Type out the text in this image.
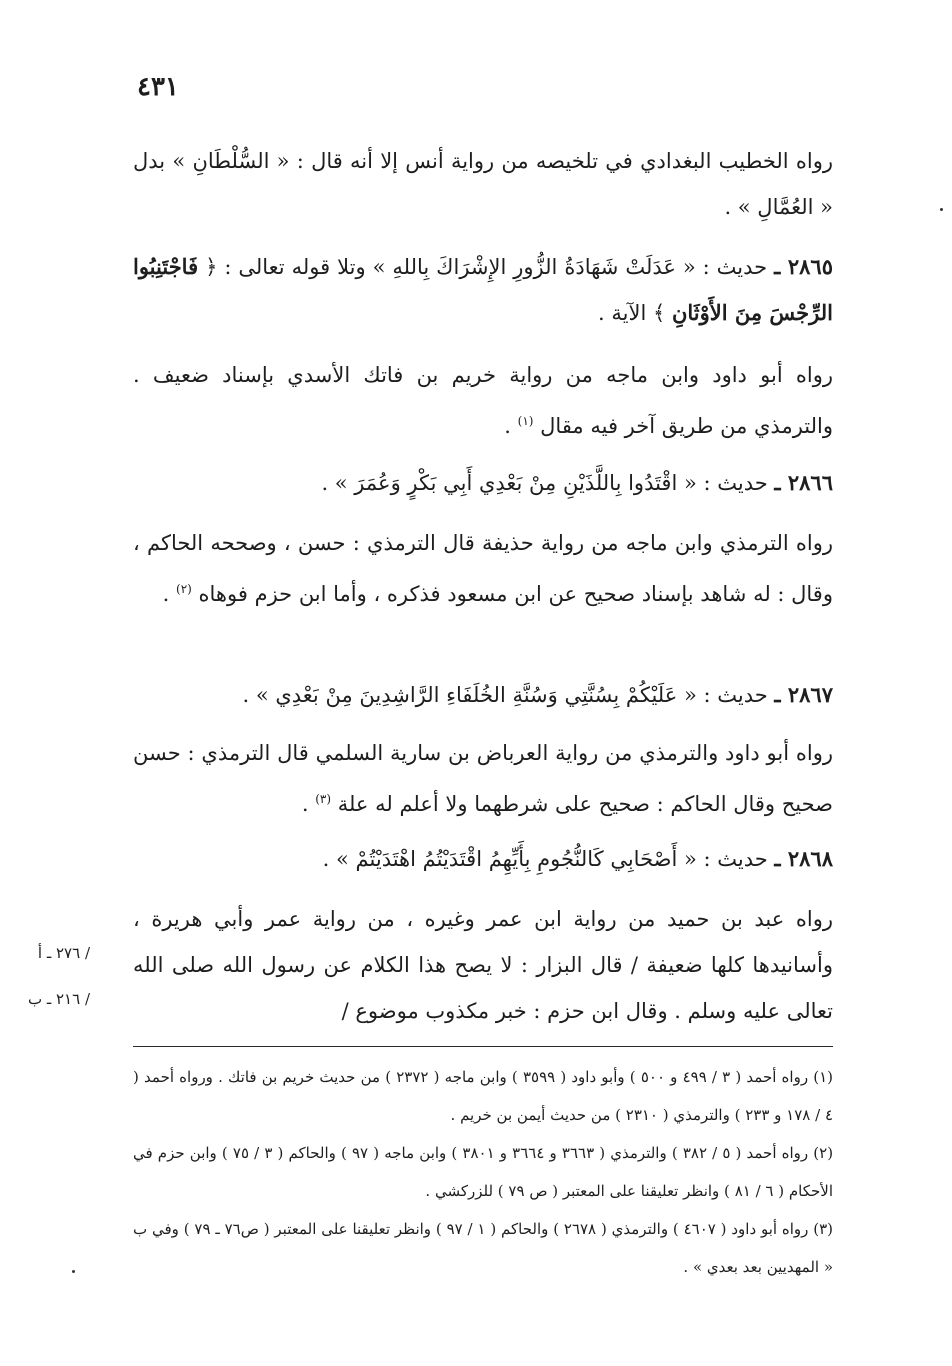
٤٣١
رواه الخطيب البغدادي في تلخيصه من رواية أنس إلا أنه قال : « السُّلْطَانِ » بدل « العُمَّالِ » .
٢٨٦٥ ـ حديث : « عَدَلَتْ شَهَادَةُ الزُّورِ الإِشْرَاكَ بِاللهِ » وتلا قوله تعالى : ﴿ فَاجْتَنِبُوا الرِّجْسَ مِنَ الأَوْثَانِ ﴾ الآية .
رواه أبو داود وابن ماجه من رواية خريم بن فاتك الأسدي بإسناد ضعيف . والترمذي من طريق آخر فيه مقال $^{(١)}$ .
٢٨٦٦ ـ حديث : « اقْتَدُوا بِاللَّذَيْنِ مِنْ بَعْدِي أَبِي بَكْرٍ وَعُمَرَ » .
رواه الترمذي وابن ماجه من رواية حذيفة قال الترمذي : حسن ، وصححه الحاكم ، وقال : له شاهد بإسناد صحيح عن ابن مسعود فذكره ، وأما ابن حزم فوهاه $^{(٢)}$ .
٢٨٦٧ ـ حديث : « عَلَيْكُمْ بِسُنَّتِي وَسُنَّةِ الخُلَفَاءِ الرَّاشِدِينَ مِنْ بَعْدِي » .
رواه أبو داود والترمذي من رواية العرباض بن سارية السلمي قال الترمذي : حسن صحيح وقال الحاكم : صحيح على شرطهما ولا أعلم له علة $^{(٣)}$ .
٢٨٦٨ ـ حديث : « أَصْحَابِي كَالنُّجُومِ بِأَيِّهِمُ اقْتَدَيْتُمُ اهْتَدَيْتُمْ » .
رواه عبد بن حميد من رواية ابن عمر وغيره ، من رواية عمر وأبي هريرة ، وأسانيدها كلها ضعيفة / قال البزار : لا يصح هذا الكلام عن رسول الله صلى الله تعالى عليه وسلم . وقال ابن حزم : خبر مكذوب موضوع /
/ ٢٧٦ ـ أ
/ ٢١٦ ـ ب

(١) رواه أحمد ( ٣ / ٤٩٩ و ٥٠٠ ) وأبو داود ( ٣٥٩٩ ) وابن ماجه ( ٢٣٧٢ ) من حديث خريم بن فاتك . ورواه أحمد ( ٤ / ١٧٨ و ٢٣٣ ) والترمذي ( ٢٣١٠ ) من حديث أيمن بن خريم .

(٢) رواه أحمد ( ٥ / ٣٨٢ ) والترمذي ( ٣٦٦٣ و ٣٦٦٤ و ٣٨٠١ ) وابن ماجه ( ٩٧ ) والحاكم ( ٣ / ٧٥ ) وابن حزم في الأحكام ( ٦ / ٨١ ) وانظر تعليقنا على المعتبر ( ص ٧٩ ) للزركشي .

(٣) رواه أبو داود ( ٤٦٠٧ ) والترمذي ( ٢٦٧٨ ) والحاكم ( ١ / ٩٧ ) وانظر تعليقنا على المعتبر ( ص٧٦ ـ ٧٩ ) وفي ب « المهديين بعد بعدي » .
